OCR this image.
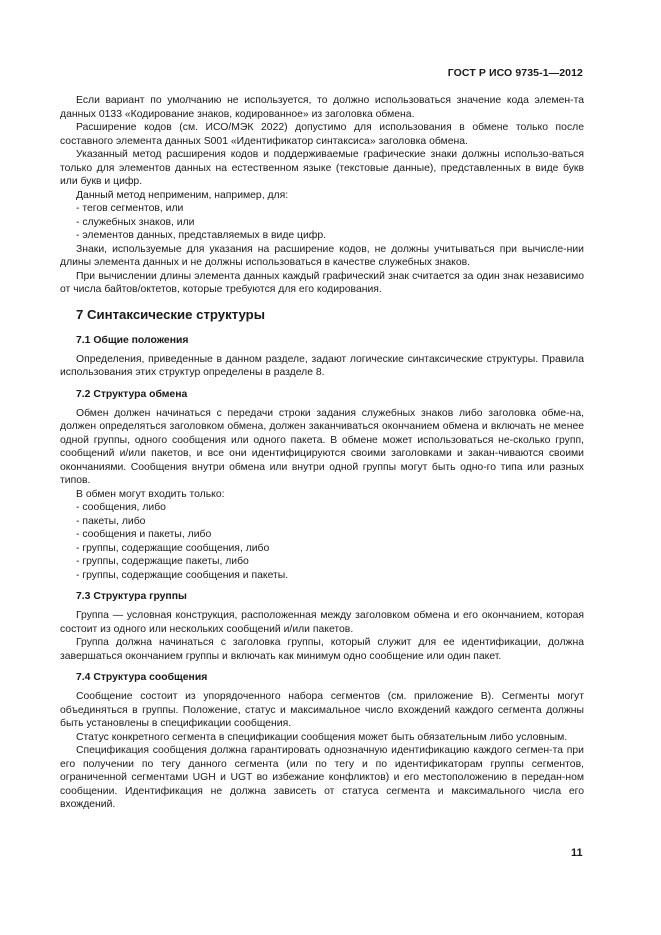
ГОСТ Р ИСО 9735-1—2012

Если вариант по умолчанию не используется, то должно использоваться значение кода элемен-та данных 0133 «Кодирование знаков, кодированное» из заголовка обмена.

Расширение кодов (см. ИСО/МЭК 2022) допустимо для использования в обмене только после составного элемента данных S001 «Идентификатор синтаксиса» заголовка обмена.

Указанный метод расширения кодов и поддерживаемые графические знаки должны использо-ваться только для элементов данных на естественном языке (текстовые данные), представленных в виде букв или букв и цифр.

Данный метод неприменим, например, для:

- тегов сегментов, или

- служебных знаков, или

- элементов данных, представляемых в виде цифр.

Знаки, используемые для указания на расширение кодов, не должны учитываться при вычисле-нии длины элемента данных и не должны использоваться в качестве служебных знаков.

При вычислении длины элемента данных каждый графический знак считается за один знак независимо от числа байтов/октетов, которые требуются для его кодирования.

7 Синтаксические структуры
7.1 Общие положения

Определения, приведенные в данном разделе, задают логические синтаксические структуры. Правила использования этих структур определены в разделе 8.

7.2 Структура обмена

Обмен должен начинаться с передачи строки задания служебных знаков либо заголовка обме-на, должен определяться заголовком обмена, должен заканчиваться окончанием обмена и включать не менее одной группы, одного сообщения или одного пакета. В обмене может использоваться не-сколько групп, сообщений и/или пакетов, и все они идентифицируются своими заголовками и закан-чиваются своими окончаниями. Сообщения внутри обмена или внутри одной группы могут быть одно-го типа или разных типов.

В обмен могут входить только:

- сообщения, либо

- пакеты, либо

- сообщения и пакеты, либо

- группы, содержащие сообщения, либо

- группы, содержащие пакеты, либо

- группы, содержащие сообщения и пакеты.

7.3 Структура группы

Группа — условная конструкция, расположенная между заголовком обмена и его окончанием, которая состоит из одного или нескольких сообщений и/или пакетов.

Группа должна начинаться с заголовка группы, который служит для ее идентификации, должна завершаться окончанием группы и включать как минимум одно сообщение или один пакет.

7.4 Структура сообщения

Сообщение состоит из упорядоченного набора сегментов (см. приложение В). Сегменты могут объединяться в группы. Положение, статус и максимальное число вхождений каждого сегмента должны быть установлены в спецификации сообщения.

Статус конкретного сегмента в спецификации сообщения может быть обязательным либо условным.

Спецификация сообщения должна гарантировать однозначную идентификацию каждого сегмен-та при его получении по тегу данного сегмента (или по тегу и по идентификаторам группы сегментов, ограниченной сегментами UGH и UGT во избежание конфликтов) и его местоположению в передан-ном сообщении. Идентификация не должна зависеть от статуса сегмента и максимального числа его вхождений.

11
